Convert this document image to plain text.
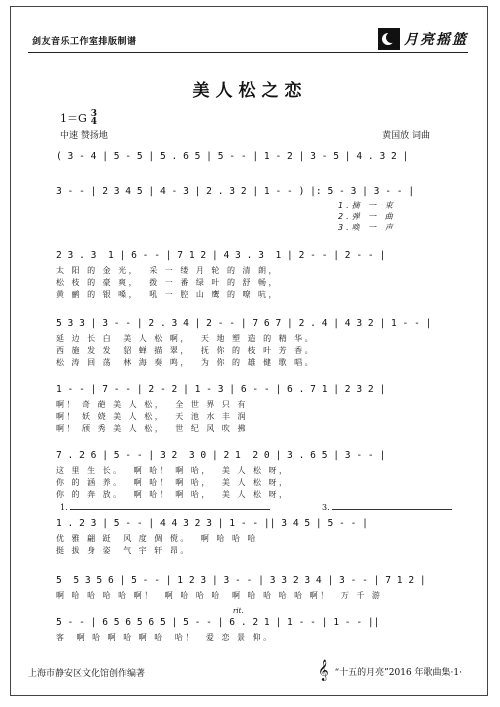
剑友音乐工作室排版制谱	月亮摇篮
美人松之恋
1＝G 3
4
中速 赞扬地	黄国放 词曲
( 3 - 4 | 5 - 5 | 5 . 6 5 | 5 - - | 1 - 2 | 3 - 5 | 4 . 3 2 |
3 - - | 2 3 4 5 | 4 - 3 | 2 . 3 2 | 1 - - ) |: 5 - 3 | 3 - - |
1.摘 一 束
2.弹 一 曲
3.唤 一 声
2 3 . 3  1 | 6 - - | 7 1 2 | 4 3 . 3  1 | 2 - - | 2 - - |
太 阳 的 金 光，  采 一 缕 月 轮 的 清 朗，
松 枝 的 豪 爽，  拨 一 番 绿 叶 的 舒 畅，
黄 鹂 的 银 嗓，  吼 一 腔 山 鹰 的 嘹 吭，
5 3 3 | 3 - - | 2 . 3 4 | 2 - - | 7 6 7 | 2 . 4 | 4 3 2 | 1 - - |
延 边 长 白  美 人 松 啊，  天 地 塑 造 的 精 华。
西 施 发 发  貂 蝉 描 翠，  抚 你 的 枝 叶 芳 香。
松 涛 回 荡  林 海 奏 鸣，  为 你 的 雄 健 歌 唱。
1 - - | 7 - - | 2 - 2 | 1 - 3 | 6 - - | 6 . 7 1 | 2 3 2 |
啊！ 奇 葩 美 人 松，  全 世 界 只 有
啊！ 妖 娆 美 人 松，  天 池 水 丰 润
啊！ 颀 秀 美 人 松，  世 纪 风 吹 拂
7 . 2 6 | 5 - - | 3 2  3 0 | 2 1  2 0 | 3 . 6 5 | 3 - - |
这 里 生 长。  啊 哈！ 啊 哈，  美 人 松 呀，
你 的 涵 养。  啊 哈！ 啊 哈，  美 人 松 呀，
你 的 奔 放。  啊 哈！ 啊 哈，  美 人 松 呀，
1.	3.
1 . 2 3 | 5 - - | 4 4 3 2 3 | 1 - - || 3 4 5 | 5 - - |
优 雅 翩 跹  风 度 倜 傥。  啊 哈 哈 哈
挺 拔 身 姿  气 宇 轩 昂。
5  5 3 5 6 | 5 - - | 1 2 3 | 3 - - | 3 3 2 3 4 | 3 - - | 7 1 2 |
啊 哈 哈 哈 哈 啊！  啊 哈 哈 哈  啊 哈 哈 哈 哈 啊！  万 千 游
rit.
5 - - | 6 5 6 5 6 5 | 5 - - | 6 . 2 1 | 1 - - | 1 - - ||
客  啊 哈 啊 哈 啊 哈  哈！  爱 恋 景 仰。
上海市静安区文化馆创作编著	𝄞 “十五的月亮”2016 年歌曲集·1·
